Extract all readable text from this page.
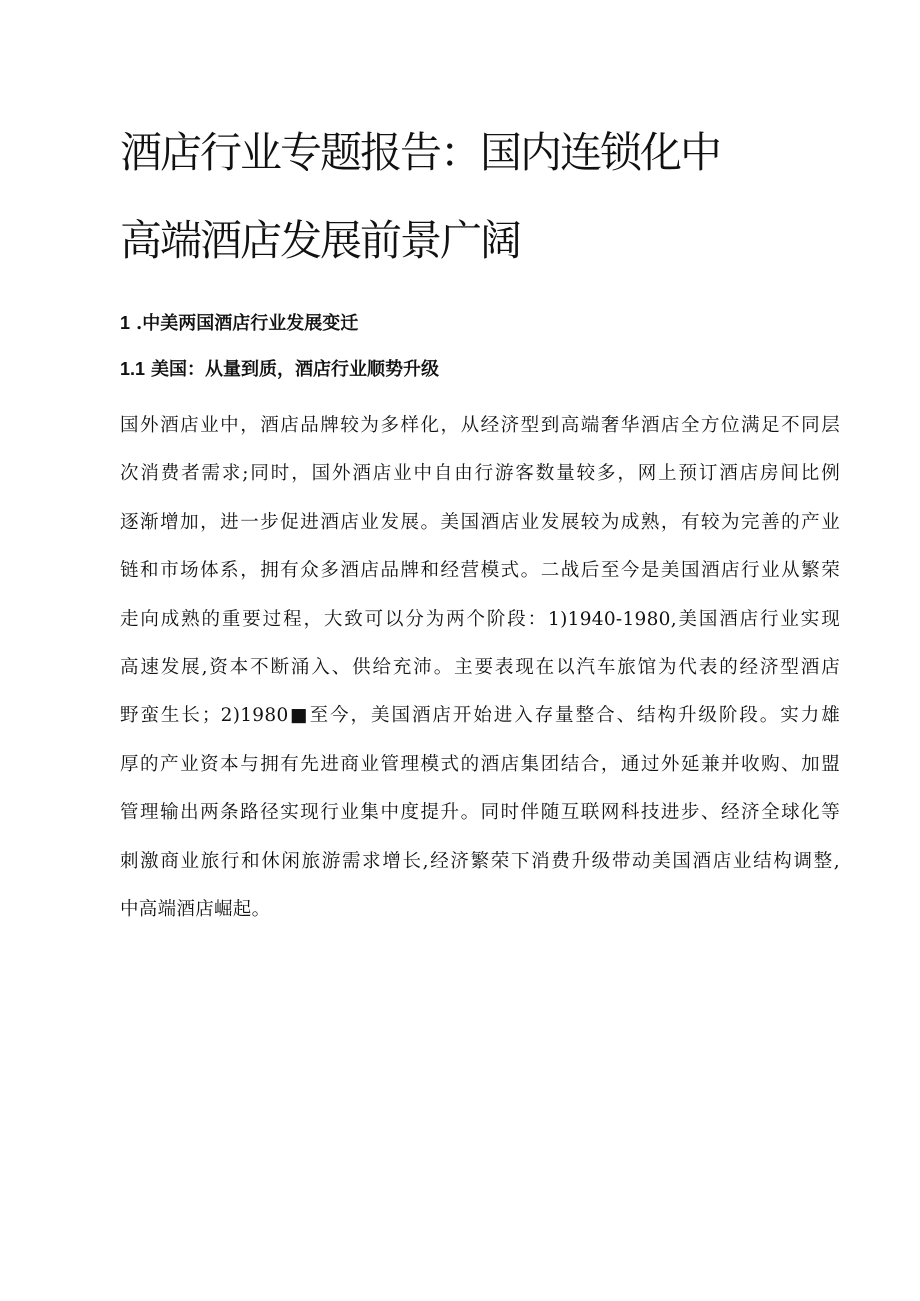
酒店行业专题报告：国内连锁化中
高端酒店发展前景广阔
1 .中美两国酒店行业发展变迁
1.1 美国：从量到质，酒店行业顺势升级

国外酒店业中，酒店品牌较为多样化，从经济型到高端奢华酒店全方位满足不同层
次消费者需求;同时，国外酒店业中自由行游客数量较多，网上预订酒店房间比例
逐渐增加，进一步促进酒店业发展。美国酒店业发展较为成熟，有较为完善的产业
链和市场体系，拥有众多酒店品牌和经营模式。二战后至今是美国酒店行业从繁荣
走向成熟的重要过程，大致可以分为两个阶段：1)1940-1980,美国酒店行业实现
高速发展,资本不断涌入、供给充沛。主要表现在以汽车旅馆为代表的经济型酒店
野蛮生长；2)1980■至今，美国酒店开始进入存量整合、结构升级阶段。实力雄
厚的产业资本与拥有先进商业管理模式的酒店集团结合，通过外延兼并收购、加盟
管理输出两条路径实现行业集中度提升。同时伴随互联网科技进步、经济全球化等
刺激商业旅行和休闲旅游需求增长,经济繁荣下消费升级带动美国酒店业结构调整,
中高端酒店崛起。
